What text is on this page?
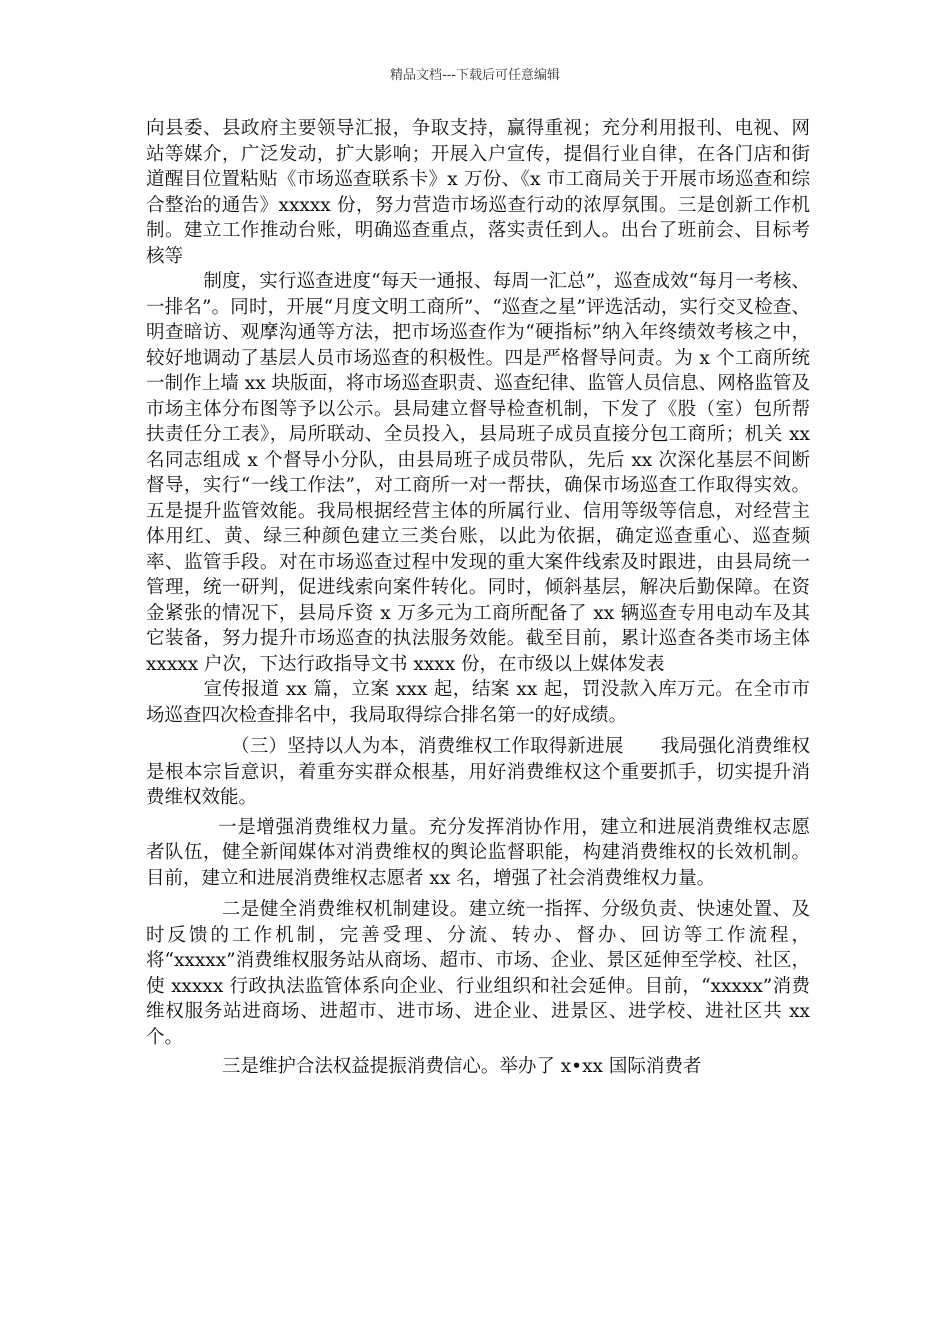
精品文档---下载后可任意编辑

向县委、县政府主要领导汇报，争取支持，赢得重视；充分利用报刊、电视、网站等媒介，广泛发动，扩大影响；开展入户宣传，提倡行业自律，在各门店和街道醒目位置粘贴《市场巡查联系卡》x 万份、《x 市工商局关于开展市场巡查和综合整治的通告》xxxxx 份，努力营造市场巡查行动的浓厚氛围。三是创新工作机制。建立工作推动台账，明确巡查重点，落实责任到人。出台了班前会、目标考核等

制度，实行巡查进度“每天一通报、每周一汇总”，巡查成效“每月一考核、一排名”。同时，开展“月度文明工商所”、“巡查之星”评选活动，实行交叉检查、明查暗访、观摩沟通等方法，把市场巡查作为“硬指标”纳入年终绩效考核之中，较好地调动了基层人员市场巡查的积极性。四是严格督导问责。为 x 个工商所统一制作上墙 xx 块版面，将市场巡查职责、巡查纪律、监管人员信息、网格监管及市场主体分布图等予以公示。县局建立督导检查机制，下发了《股（室）包所帮扶责任分工表》，局所联动、全员投入，县局班子成员直接分包工商所；机关 xx 名同志组成 x 个督导小分队，由县局班子成员带队，先后 xx 次深化基层不间断督导，实行“一线工作法”，对工商所一对一帮扶，确保市场巡查工作取得实效。五是提升监管效能。我局根据经营主体的所属行业、信用等级等信息，对经营主体用红、黄、绿三种颜色建立三类台账，以此为依据，确定巡查重心、巡查频率、监管手段。对在市场巡查过程中发现的重大案件线索及时跟进，由县局统一管理，统一研判，促进线索向案件转化。同时，倾斜基层，解决后勤保障。在资金紧张的情况下，县局斥资 x 万多元为工商所配备了 xx 辆巡查专用电动车及其它装备，努力提升市场巡查的执法服务效能。截至目前，累计巡查各类市场主体 xxxxx 户次，下达行政指导文书 xxxx 份，在市级以上媒体发表

宣传报道 xx 篇，立案 xxx 起，结案 xx 起，罚没款入库万元。在全市市场巡查四次检查排名中，我局取得综合排名第一的好成绩。

（三）坚持以人为本，消费维权工作取得新进展　　我局强化消费维权是根本宗旨意识，着重夯实群众根基，用好消费维权这个重要抓手，切实提升消费维权效能。

一是增强消费维权力量。充分发挥消协作用，建立和进展消费维权志愿者队伍，健全新闻媒体对消费维权的舆论监督职能，构建消费维权的长效机制。目前，建立和进展消费维权志愿者 xx 名，增强了社会消费维权力量。

二是健全消费维权机制建设。建立统一指挥、分级负责、快速处置、及时反馈的工作机制，完善受理、分流、转办、督办、回访等工作流程，将“xxxxx”消费维权服务站从商场、超市、市场、企业、景区延伸至学校、社区，使 xxxxx 行政执法监管体系向企业、行业组织和社会延伸。目前，“xxxxx”消费维权服务站进商场、进超市、进市场、进企业、进景区、进学校、进社区共 xx 个。

三是维护合法权益提振消费信心。举办了 x•xx 国际消费者
